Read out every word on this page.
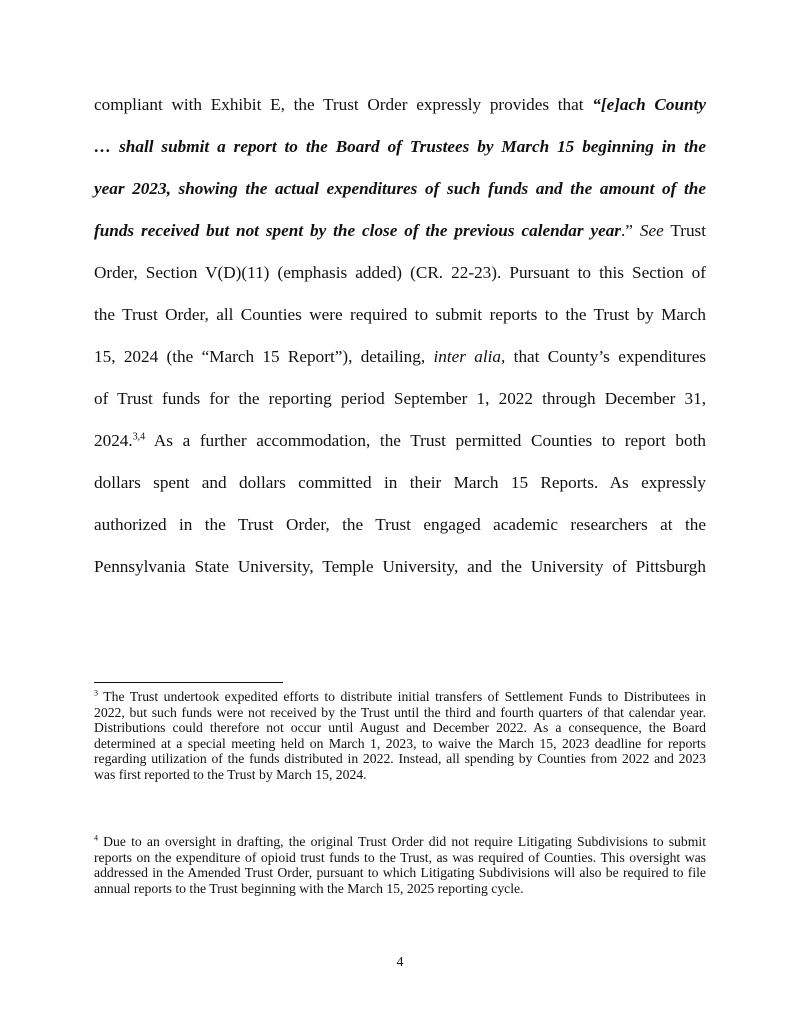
compliant with Exhibit E, the Trust Order expressly provides that “[e]ach County
… shall submit a report to the Board of Trustees by March 15 beginning in the
year 2023, showing the actual expenditures of such funds and the amount of the
funds received but not spent by the close of the previous calendar year.” See Trust
Order, Section V(D)(11) (emphasis added) (CR. 22-23). Pursuant to this Section of
the Trust Order, all Counties were required to submit reports to the Trust by March
15, 2024 (the “March 15 Report”), detailing, inter alia, that County’s expenditures
of Trust funds for the reporting period September 1, 2022 through December 31,
2024.$^{3,4}$ As a further accommodation, the Trust permitted Counties to report both
dollars spent and dollars committed in their March 15 Reports. As expressly
authorized in the Trust Order, the Trust engaged academic researchers at the
Pennsylvania State University, Temple University, and the University of Pittsburgh
$^3$ The Trust undertook expedited efforts to distribute initial transfers of Settlement Funds to Distributees in 2022, but such funds were not received by the Trust until the third and fourth quarters of that calendar year. Distributions could therefore not occur until August and December 2022. As a consequence, the Board determined at a special meeting held on March 1, 2023, to waive the March 15, 2023 deadline for reports regarding utilization of the funds distributed in 2022. Instead, all spending by Counties from 2022 and 2023 was first reported to the Trust by March 15, 2024.
$^4$ Due to an oversight in drafting, the original Trust Order did not require Litigating Subdivisions to submit reports on the expenditure of opioid trust funds to the Trust, as was required of Counties. This oversight was addressed in the Amended Trust Order, pursuant to which Litigating Subdivisions will also be required to file annual reports to the Trust beginning with the March 15, 2025 reporting cycle.
4
